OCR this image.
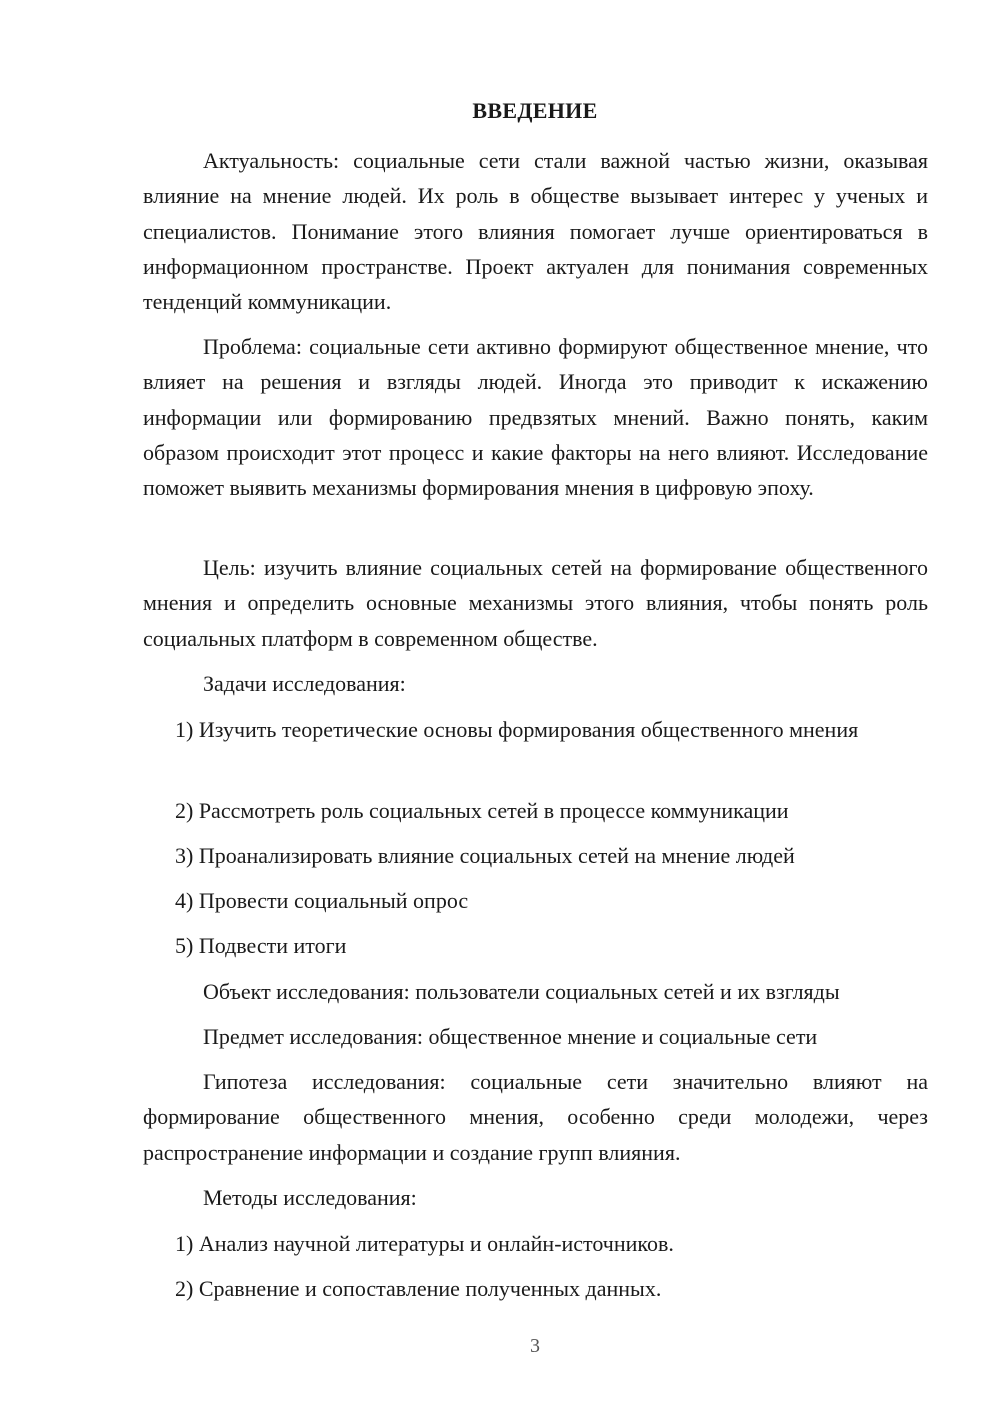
ВВЕДЕНИЕ

Актуальность: социальные сети стали важной частью жизни, оказывая влияние на мнение людей. Их роль в обществе вызывает интерес у ученых и специалистов. Понимание этого влияния помогает лучше ориентироваться в информационном пространстве. Проект актуален для понимания современных тенденций коммуникации.

Проблема: социальные сети активно формируют общественное мнение, что влияет на решения и взгляды людей. Иногда это приводит к искажению информации или формированию предвзятых мнений. Важно понять, каким образом происходит этот процесс и какие факторы на него влияют. Исследование поможет выявить механизмы формирования мнения в цифровую эпоху.

Цель: изучить влияние социальных сетей на формирование общественного мнения и определить основные механизмы этого влияния, чтобы понять роль социальных платформ в современном обществе.

Задачи исследования:

1) Изучить теоретические основы формирования общественного мнения

2) Рассмотреть роль социальных сетей в процессе коммуникации

3) Проанализировать влияние социальных сетей на мнение людей

4) Провести социальный опрос

5) Подвести итоги

Объект исследования: пользователи социальных сетей и их взгляды

Предмет исследования: общественное мнение и социальные сети

Гипотеза исследования: социальные сети значительно влияют на формирование общественного мнения, особенно среди молодежи, через распространение информации и создание групп влияния.

Методы исследования:

1) Анализ научной литературы и онлайн-источников.

2) Сравнение и сопоставление полученных данных.

3
